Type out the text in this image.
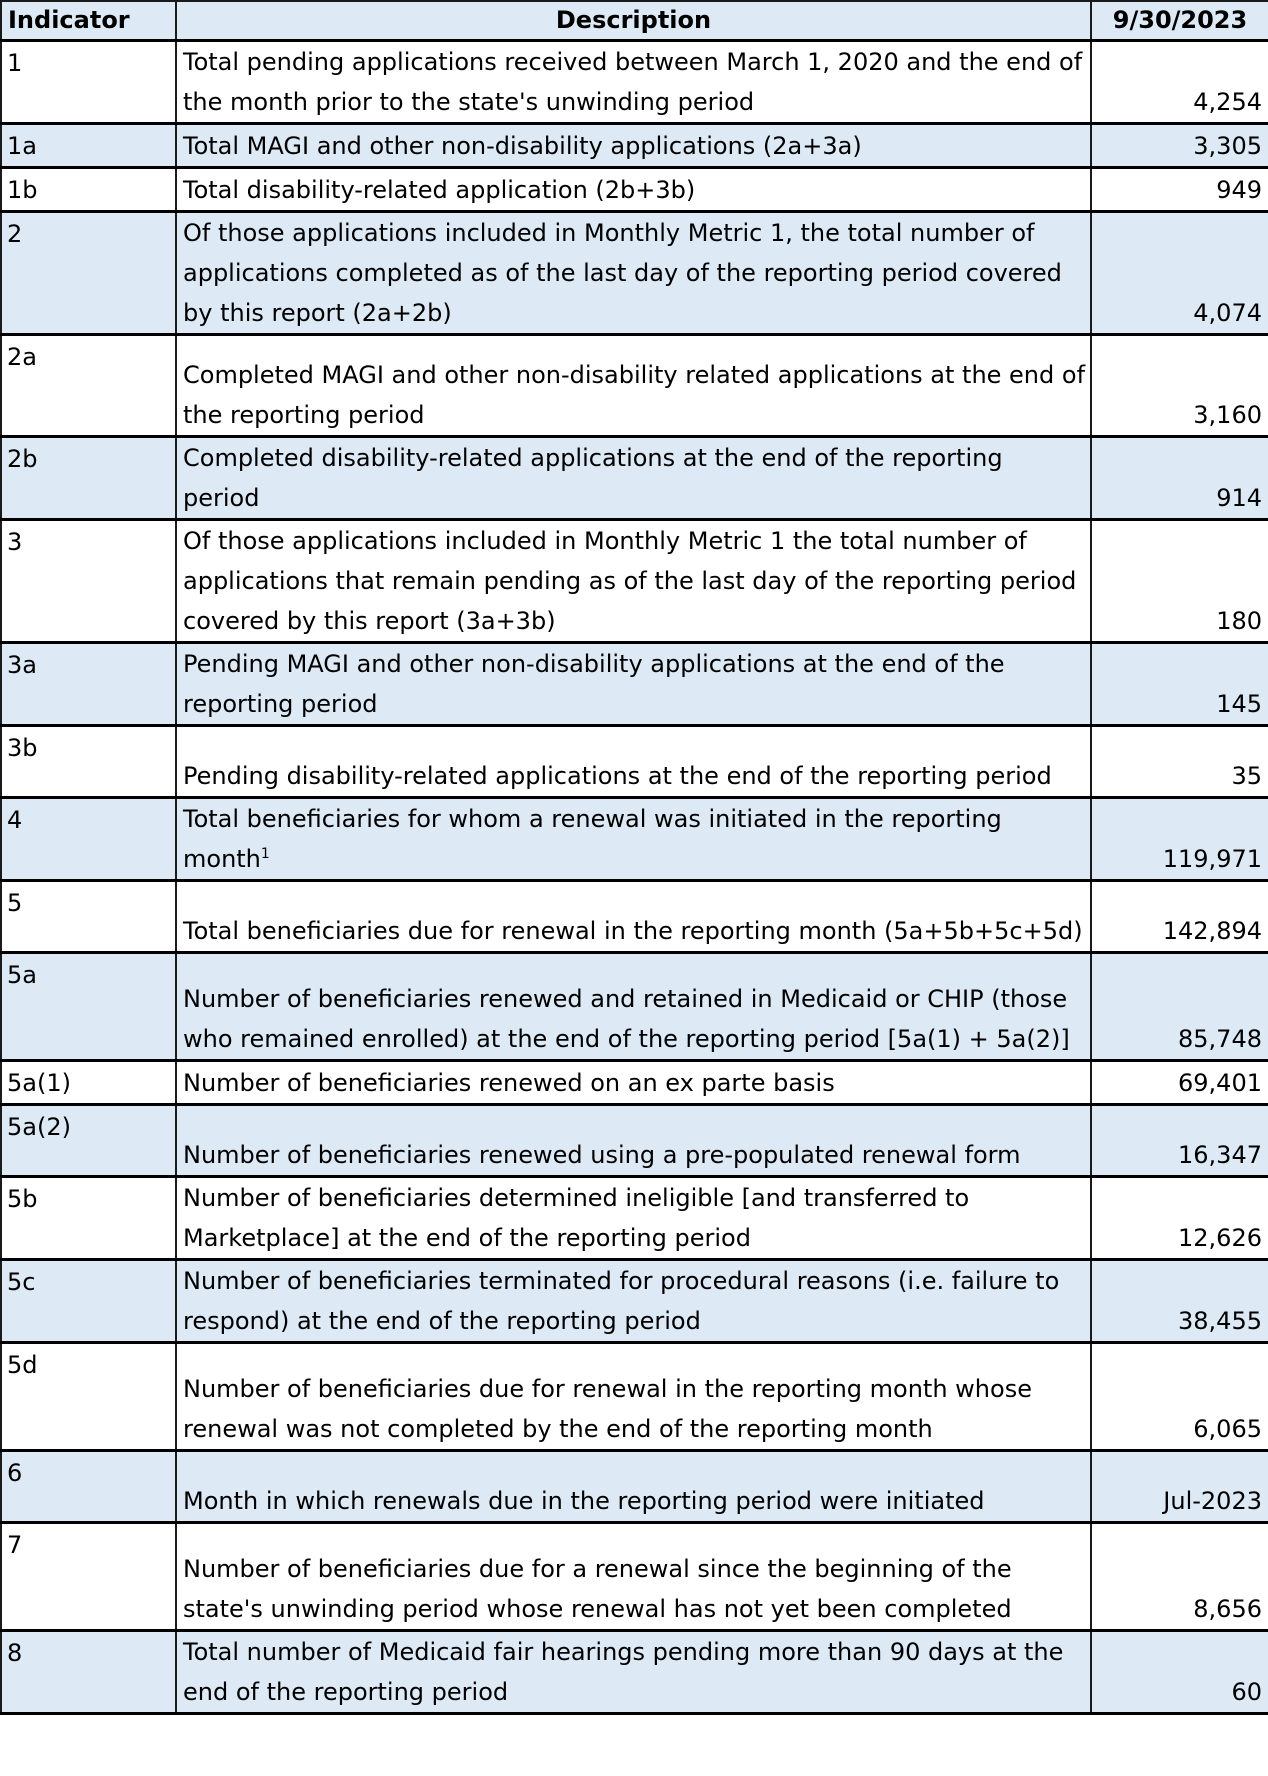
Indicator	Description	9/30/2023
1	Total pending applications received between March 1, 2020 and the end of the month prior to the state's unwinding period	4,254
1a	Total MAGI and other non-disability applications (2a+3a)	3,305
1b	Total disability-related application (2b+3b)	949
2	Of those applications included in Monthly Metric 1, the total number of applications completed as of the last day of the reporting period covered by this report (2a+2b)	4,074
2a	Completed MAGI and other non-disability related applications at the end of the reporting period	3,160
2b	Completed disability-related applications at the end of the reporting period	914
3	Of those applications included in Monthly Metric 1 the total number of applications that remain pending as of the last day of the reporting period covered by this report (3a+3b)	180
3a	Pending MAGI and other non-disability applications at the end of the reporting period	145
3b	Pending disability-related applications at the end of the reporting period	35
4	Total beneficiaries for whom a renewal was initiated in the reporting month$^1$	119,971
5	Total beneficiaries due for renewal in the reporting month (5a+5b+5c+5d)	142,894
5a	Number of beneficiaries renewed and retained in Medicaid or CHIP (those who remained enrolled) at the end of the reporting period [5a(1) + 5a(2)]	85,748
5a(1)	Number of beneficiaries renewed on an ex parte basis	69,401
5a(2)	Number of beneficiaries renewed using a pre-populated renewal form	16,347
5b	Number of beneficiaries determined ineligible [and transferred to Marketplace] at the end of the reporting period	12,626
5c	Number of beneficiaries terminated for procedural reasons (i.e. failure to respond) at the end of the reporting period	38,455
5d	Number of beneficiaries due for renewal in the reporting month whose renewal was not completed by the end of the reporting month	6,065
6	Month in which renewals due in the reporting period were initiated	Jul-2023
7	Number of beneficiaries due for a renewal since the beginning of the state's unwinding period whose renewal has not yet been completed	8,656
8	Total number of Medicaid fair hearings pending more than 90 days at the end of the reporting period	60
